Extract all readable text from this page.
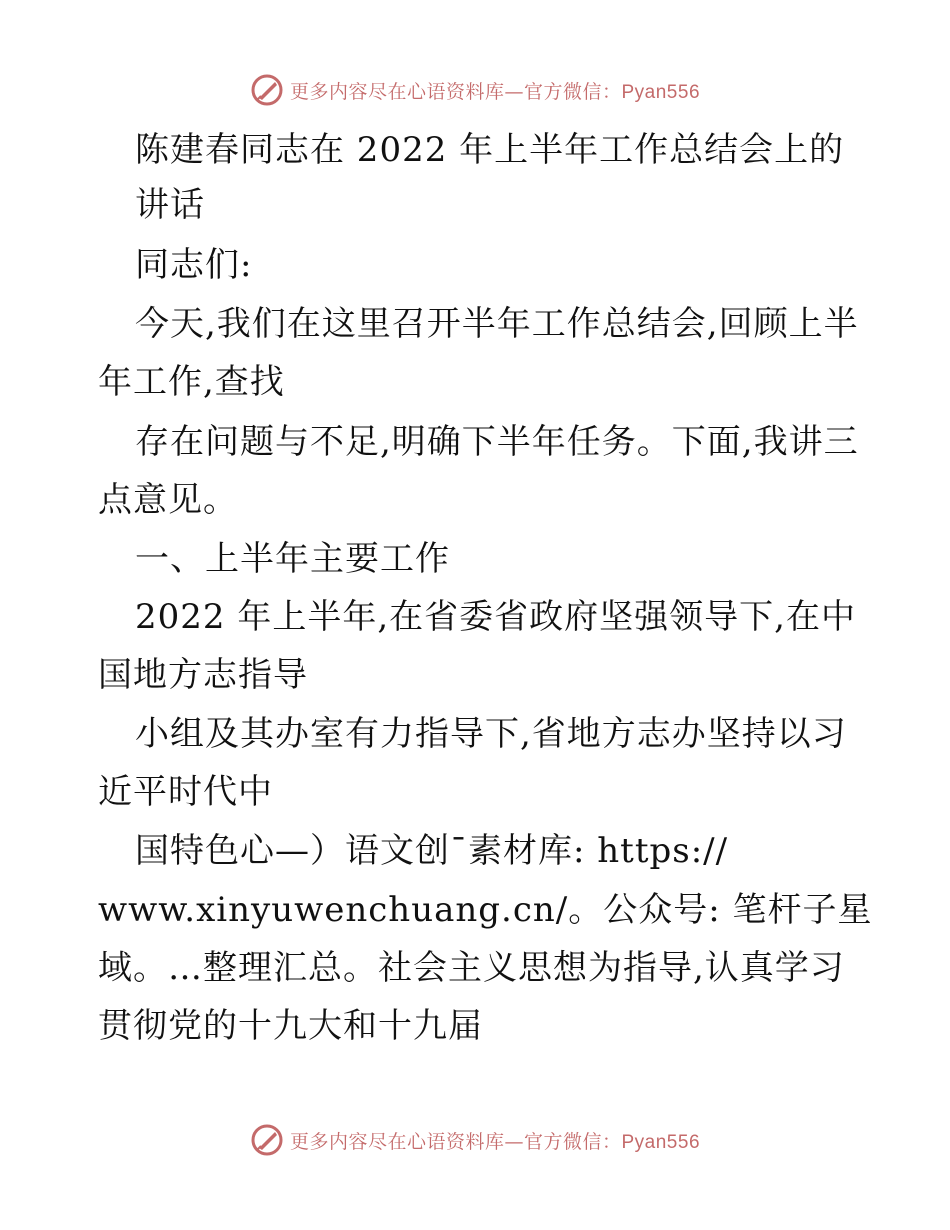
更多内容尽在心语资料库—官方微信：Pyan556

陈建春同志在 2022 年上半年工作总结会上的

讲话

同志们:

今天,我们在这里召开半年工作总结会,回顾上半

年工作,查找

存在问题与不足,明确下半年任务。下面,我讲三

点意见。

一、上半年主要工作

2022 年上半年,在省委省政府坚强领导下,在中

国地方志指导

小组及其办室有力指导下,省地方志办坚持以习

近平时代中

国特色心—）语文创¯素材库: https://

www.xinyuwenchuang.cn/。公众号: 笔杆子星

域。…整理汇总。社会主义思想为指导,认真学习

贯彻党的十九大和十九届

更多内容尽在心语资料库—官方微信：Pyan556
